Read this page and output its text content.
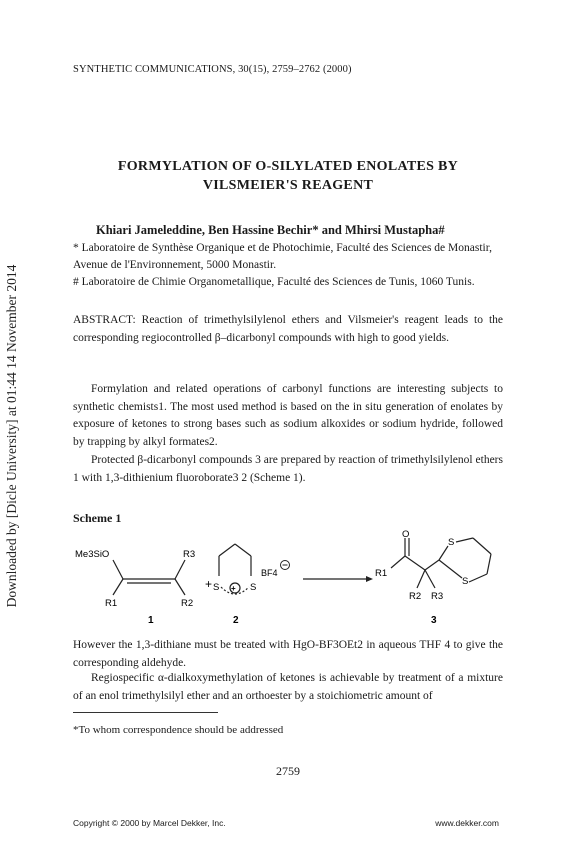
Downloaded by [Dicle University] at 01:44 14 November 2014
SYNTHETIC COMMUNICATIONS, 30(15), 2759–2762 (2000)
FORMYLATION OF O-SILYLATED ENOLATES BY VILSMEIER'S REAGENT
Khiari Jameleddine, Ben Hassine Bechir* and Mhirsi Mustapha#
* Laboratoire de Synthèse Organique et de Photochimie, Faculté des Sciences de Monastir, Avenue de l'Environnement, 5000 Monastir.
# Laboratoire de Chimie Organometallique, Faculté des Sciences de Tunis, 1060 Tunis.
ABSTRACT: Reaction of trimethylsilylenol ethers and Vilsmeier's reagent leads to the corresponding regiocontrolled β–dicarbonyl compounds with high to good yields.
Formylation and related operations of carbonyl functions are interesting subjects to synthetic chemists1. The most used method is based on the in situ generation of enolates by exposure of ketones to strong bases such as sodium alkoxides or sodium hydride, followed by trapping by alkyl formates2.
Protected β-dicarbonyl compounds 3 are prepared by reaction of trimethylsilylenol ethers 1 with 1,3-dithienium fluoroborate3 2 (Scheme 1).
Scheme 1
Me3SiO	R3
R1	R2
1
+ S	S
+
BF4
2
O
R1
R2 R3
S
S
3
However the 1,3-dithiane must be treated with HgO-BF3OEt2 in aqueous THF 4 to give the corresponding aldehyde.
Regiospecific α-dialkoxymethylation of ketones is achievable by treatment of a mixture of an enol trimethylsilyl ether and an orthoester by a stoichiometric amount of
*To whom correspondence should be addressed
2759
Copyright © 2000 by Marcel Dekker, Inc.	www.dekker.com
